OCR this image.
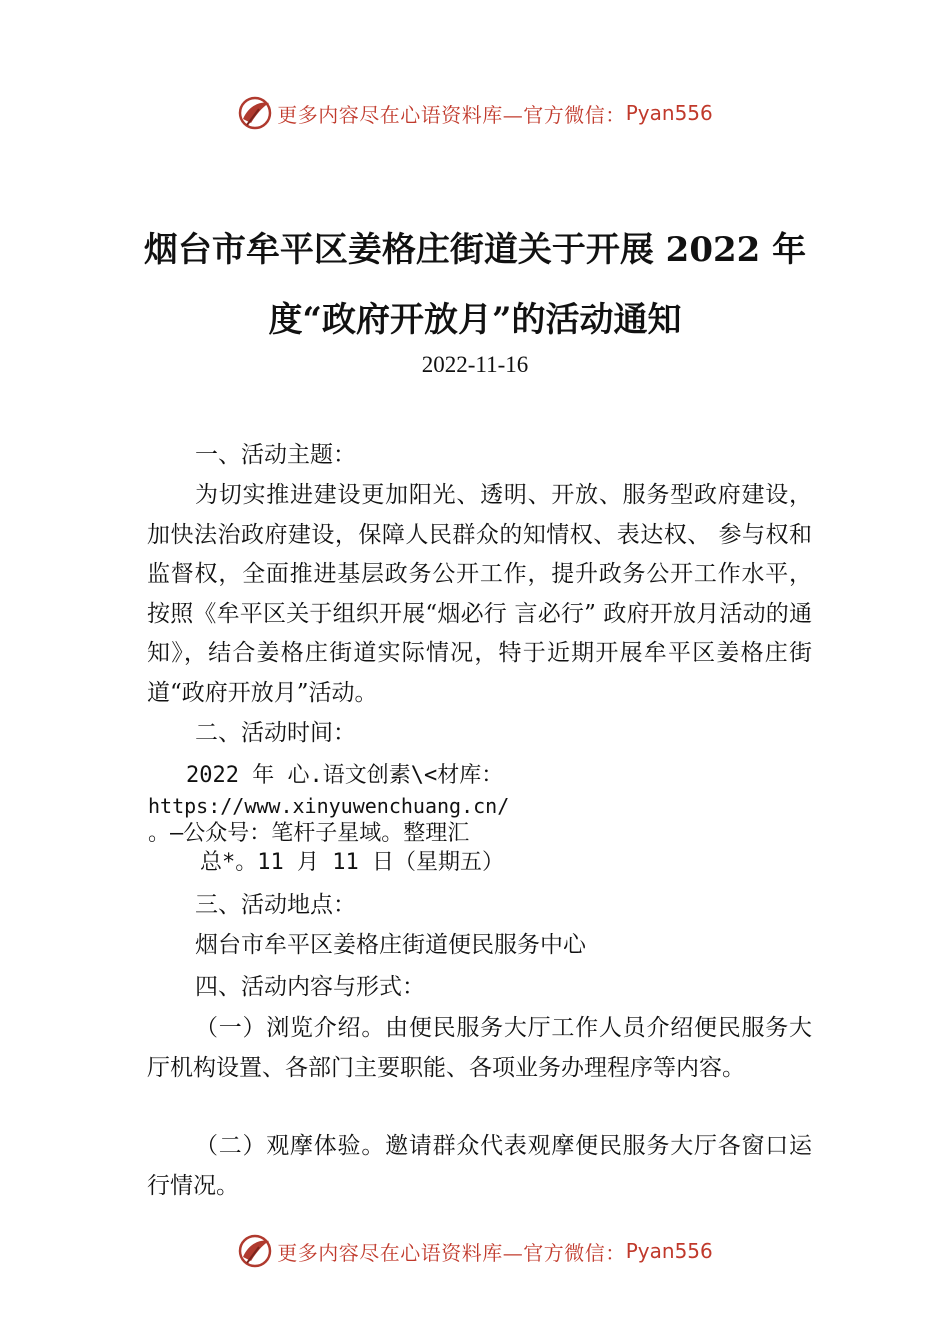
更多内容尽在心语资料库—官方微信： Pyan556
烟台市牟平区姜格庄街道关于开展 2022 年
度“政府开放月”的活动通知
2022-11-16
一、活动主题：

为切实推进建设更加阳光、透明、开放、服务型政府建设，加快法治政府建设，保障人民群众的知情权、表达权、 参与权和监督权，全面推进基层政务公开工作，提升政务公开工作水平，按照《牟平区关于组织开展“烟必行 言必行” 政府开放月活动的通知》，结合姜格庄街道实际情况，特于近期开展牟平区姜格庄街道“政府开放月”活动。

二、活动时间：
2022 年 心.语文创素\<材库：
https://www.xinyuwenchuang.cn/
。—公众号：笔杆子星域。整理汇
总*。11 月 11 日（星期五）
三、活动地点：
烟台市牟平区姜格庄街道便民服务中心
四、活动内容与形式：

（一）浏览介绍。由便民服务大厅工作人员介绍便民服务大厅机构设置、各部门主要职能、各项业务办理程序等内容。

（二）观摩体验。邀请群众代表观摩便民服务大厅各窗口运行情况。

更多内容尽在心语资料库—官方微信： Pyan556
